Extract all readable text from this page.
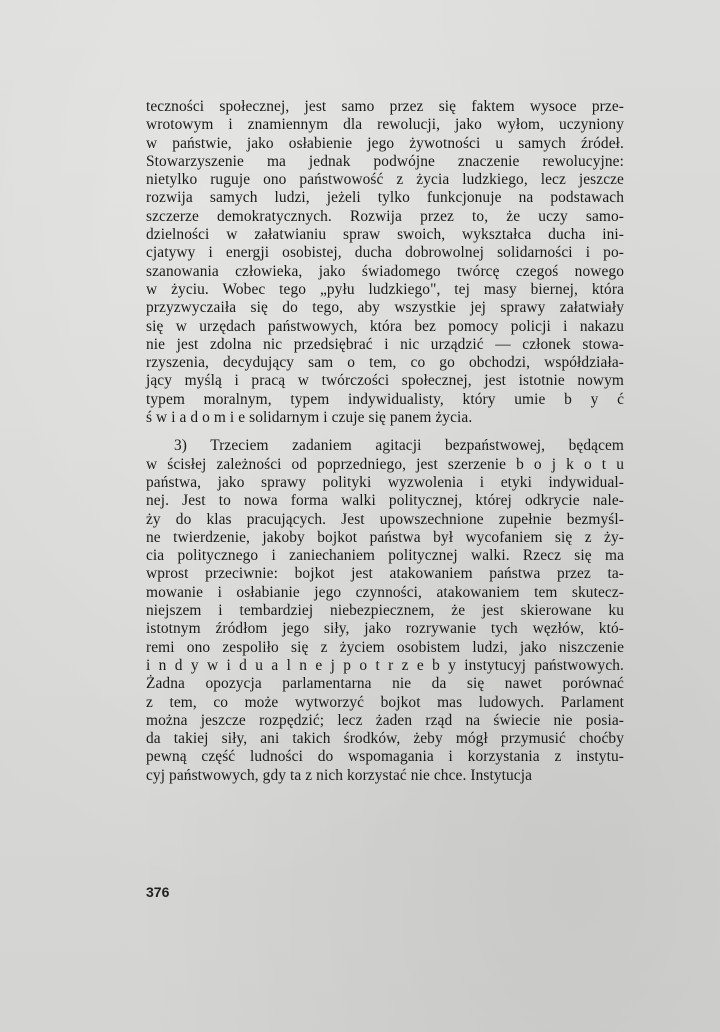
teczności społecznej, jest samo przez się faktem wysoce prze-
wrotowym i znamiennym dla rewolucji, jako wyłom, uczyniony
w państwie, jako osłabienie jego żywotności u samych źródeł.
Stowarzyszenie ma jednak podwójne znaczenie rewolucyjne:
nietylko ruguje ono państwowość z życia ludzkiego, lecz jeszcze
rozwija samych ludzi, jeżeli tylko funkcjonuje na podstawach
szczerze demokratycznych. Rozwija przez to, że uczy samo-
dzielności w załatwianiu spraw swoich, wykształca ducha ini-
cjatywy i energji osobistej, ducha dobrowolnej solidarności i po-
szanowania człowieka, jako świadomego twórcę czegoś nowego
w życiu. Wobec tego „pyłu ludzkiego", tej masy biernej, która
przyzwyczaiła się do tego, aby wszystkie jej sprawy załatwiały
się w urzędach państwowych, która bez pomocy policji i nakazu
nie jest zdolna nic przedsiębrać i nic urządzić — członek stowa-
rzyszenia, decydujący sam o tem, co go obchodzi, współdziała-
jący myślą i pracą w twórczości społecznej, jest istotnie nowym
typem moralnym, typem indywidualisty, który umie b y ć
ś w i a d o m i e solidarnym i czuje się panem życia.
3) Trzeciem zadaniem agitacji bezpaństwowej, będącem
w ścisłej zależności od poprzedniego, jest szerzenie b o j k o t u
państwa, jako sprawy polityki wyzwolenia i etyki indywidual-
nej. Jest to nowa forma walki politycznej, której odkrycie nale-
ży do klas pracujących. Jest upowszechnione zupełnie bezmyśl-
ne twierdzenie, jakoby bojkot państwa był wycofaniem się z ży-
cia politycznego i zaniechaniem politycznej walki. Rzecz się ma
wprost przeciwnie: bojkot jest atakowaniem państwa przez ta-
mowanie i osłabianie jego czynności, atakowaniem tem skutecz-
niejszem i tembardziej niebezpiecznem, że jest skierowane ku
istotnym źródłom jego siły, jako rozrywanie tych węzłów, któ-
remi ono zespoliło się z życiem osobistem ludzi, jako niszczenie
i n d y w i d u a l n e j p o t r z e b y instytucyj państwowych.
Żadna opozycja parlamentarna nie da się nawet porównać
z tem, co może wytworzyć bojkot mas ludowych. Parlament
można jeszcze rozpędzić; lecz żaden rząd na świecie nie posia-
da takiej siły, ani takich środków, żeby mógł przymusić choćby
pewną część ludności do wspomagania i korzystania z instytu-
cyj państwowych, gdy ta z nich korzystać nie chce. Instytucja
376
